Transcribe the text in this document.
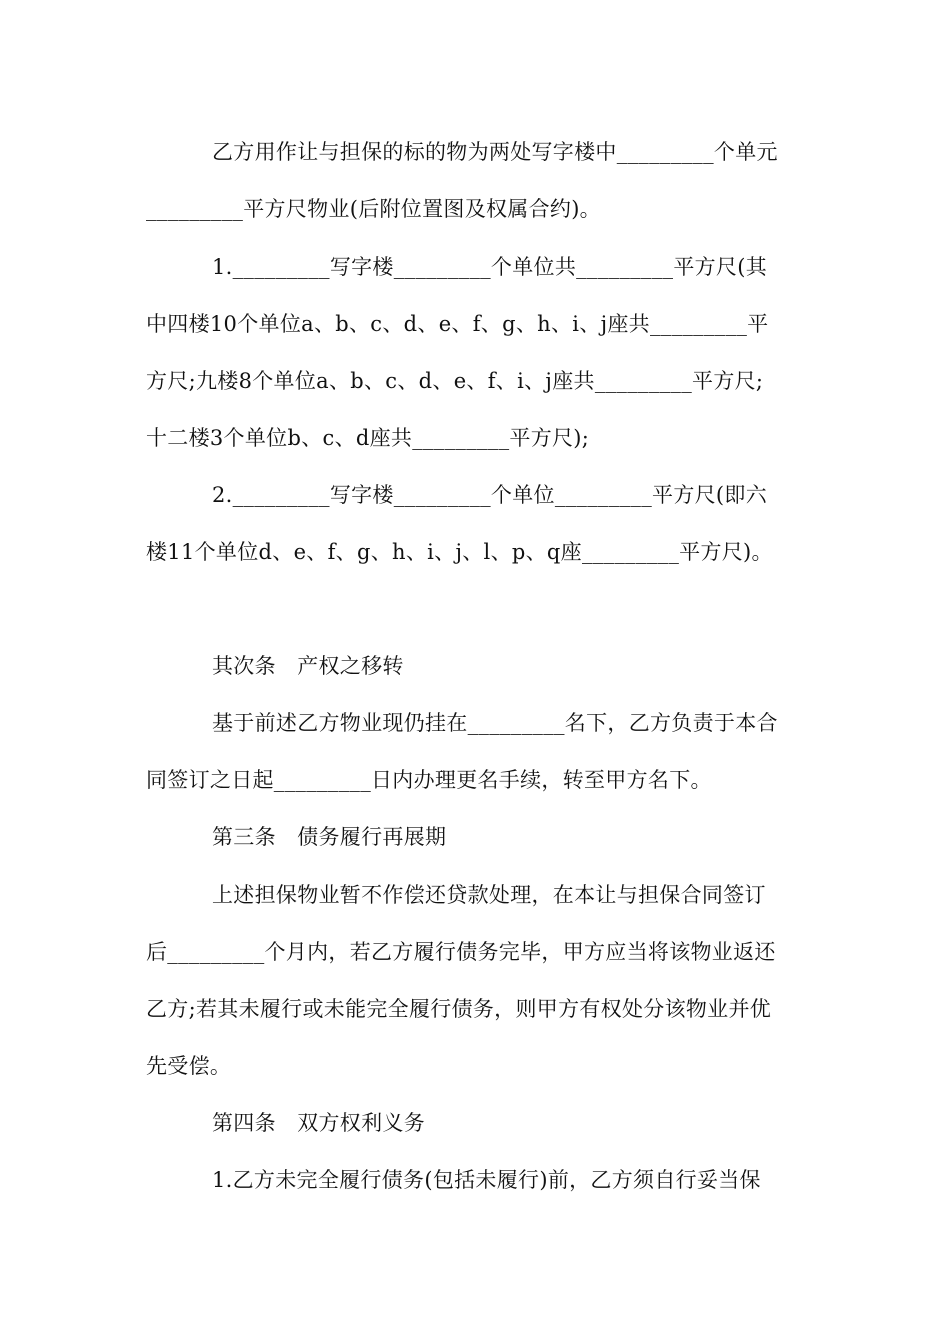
乙方用作让与担保的标的物为两处写字楼中_________个单元
_________平方尺物业(后附位置图及权属合约)。
1._________写字楼_________个单位共_________平方尺(其
中四楼10个单位a、b、c、d、e、f、g、h、i、j座共_________平
方尺;九楼8个单位a、b、c、d、e、f、i、j座共_________平方尺;
十二楼3个单位b、c、d座共_________平方尺);
2._________写字楼_________个单位_________平方尺(即六
楼11个单位d、e、f、g、h、i、j、l、p、q座_________平方尺)。
其次条　产权之移转
基于前述乙方物业现仍挂在_________名下，乙方负责于本合
同签订之日起_________日内办理更名手续，转至甲方名下。
第三条　债务履行再展期
上述担保物业暂不作偿还贷款处理，在本让与担保合同签订
后_________个月内，若乙方履行债务完毕，甲方应当将该物业返还
乙方;若其未履行或未能完全履行债务，则甲方有权处分该物业并优
先受偿。
第四条　双方权利义务
1.乙方未完全履行债务(包括未履行)前，乙方须自行妥当保
